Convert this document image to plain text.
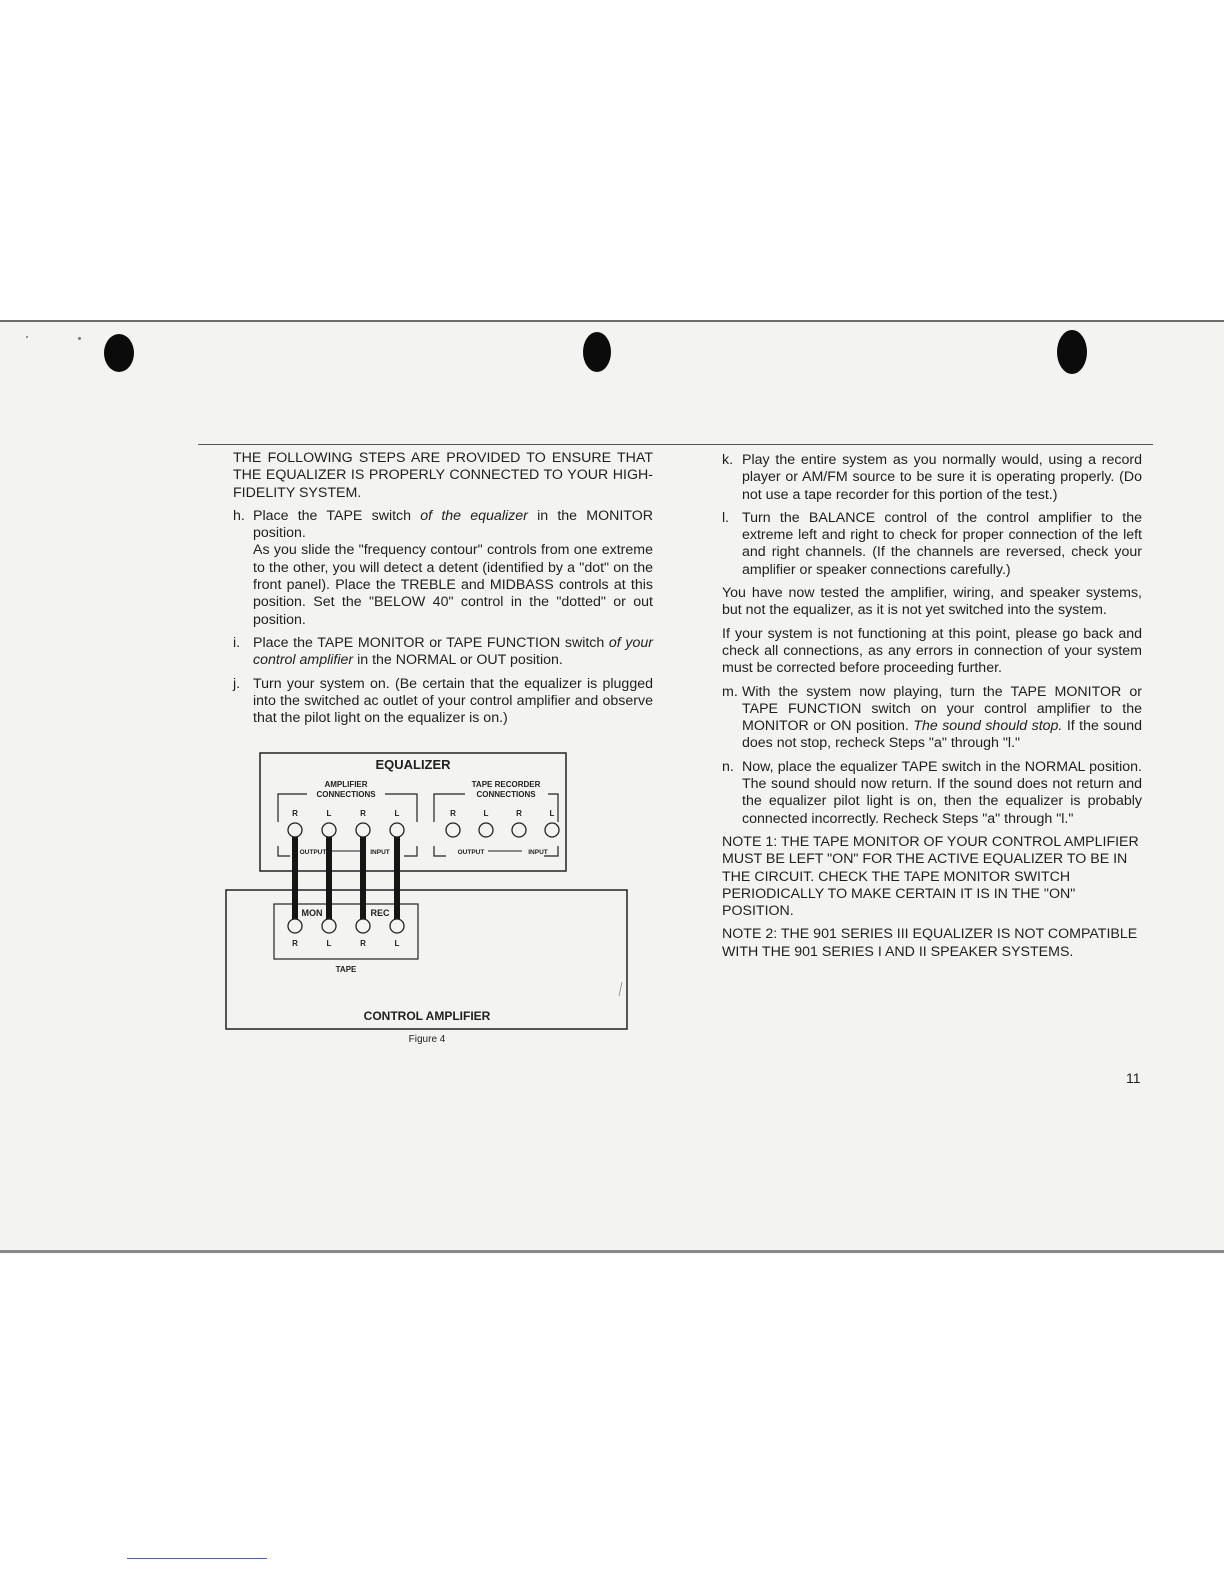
THE FOLLOWING STEPS ARE PROVIDED TO ENSURE THAT THE EQUALIZER IS PROPERLY CONNECTED TO YOUR HIGH-FIDELITY SYSTEM.

h. Place the TAPE switch of the equalizer in the MONITOR position.

As you slide the "frequency contour" controls from one extreme to the other, you will detect a detent (identified by a "dot" on the front panel). Place the TREBLE and MIDBASS controls at this position. Set the "BELOW 40" control in the "dotted" or out position.

i. Place the TAPE MONITOR or TAPE FUNCTION switch of your control amplifier in the NORMAL or OUT position.

j. Turn your system on. (Be certain that the equalizer is plugged into the switched ac outlet of your control amplifier and observe that the pilot light on the equalizer is on.)

k. Play the entire system as you normally would, using a record player or AM/FM source to be sure it is operating properly. (Do not use a tape recorder for this portion of the test.)

l. Turn the BALANCE control of the control amplifier to the extreme left and right to check for proper connection of the left and right channels. (If the channels are reversed, check your amplifier or speaker connections carefully.)

You have now tested the amplifier, wiring, and speaker systems, but not the equalizer, as it is not yet switched into the system.

If your system is not functioning at this point, please go back and check all connections, as any errors in connection of your system must be corrected before proceeding further.

m. With the system now playing, turn the TAPE MONITOR or TAPE FUNCTION switch on your control amplifier to the MONITOR or ON position. The sound should stop. If the sound does not stop, recheck Steps "a" through "l."

n. Now, place the equalizer TAPE switch in the NORMAL position. The sound should now return. If the sound does not return and the equalizer pilot light is on, then the equalizer is probably connected incorrectly. Recheck Steps "a" through "l."

NOTE 1: THE TAPE MONITOR OF YOUR CONTROL AMPLIFIER MUST BE LEFT "ON" FOR THE ACTIVE EQUALIZER TO BE IN THE CIRCUIT. CHECK THE TAPE MONITOR SWITCH PERIODICALLY TO MAKE CERTAIN IT IS IN THE "ON" POSITION.

NOTE 2: THE 901 SERIES III EQUALIZER IS NOT COMPATIBLE WITH THE 901 SERIES I AND II SPEAKER SYSTEMS.

EQUALIZER
AMPLIFIER
CONNECTIONS
R	L	R	L
OUTPUT	INPUT
TAPE RECORDER
CONNECTIONS
R	L	R	L
OUTPUT	INPUT
MON	REC
R	L	R	L
TAPE
CONTROL AMPLIFIER
Figure 4
11
